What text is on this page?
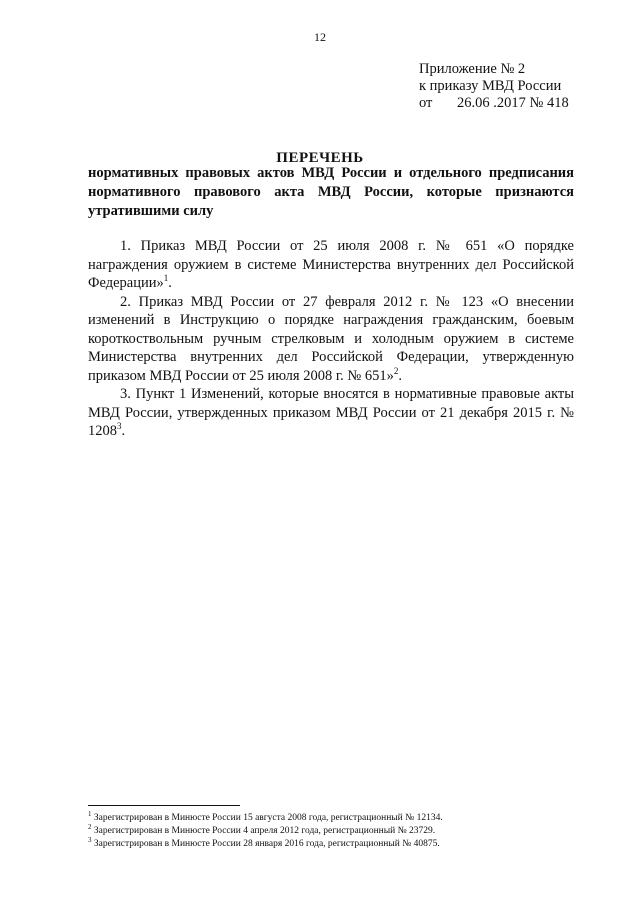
12
Приложение № 2
к приказу МВД России
от 26.06 .2017 № 418
ПЕРЕЧЕНЬ
нормативных правовых актов МВД России и отдельного предписания нормативного правового акта МВД России, которые признаются утратившими силу

1. Приказ МВД России от 25 июля 2008 г. № 651 «О порядке награждения оружием в системе Министерства внутренних дел Российской Федерации»$^1$.

2. Приказ МВД России от 27 февраля 2012 г. № 123 «О внесении изменений в Инструкцию о порядке награждения гражданским, боевым короткоствольным ручным стрелковым и холодным оружием в системе Министерства внутренних дел Российской Федерации, утвержденную приказом МВД России от 25 июля 2008 г. № 651»$^2$.

3. Пункт 1 Изменений, которые вносятся в нормативные правовые акты МВД России, утвержденных приказом МВД России от 21 декабря 2015 г. № 1208$^3$.

$^1$ Зарегистрирован в Минюсте России 15 августа 2008 года, регистрационный № 12134.
$^2$ Зарегистрирован в Минюсте России 4 апреля 2012 года, регистрационный № 23729.
$^3$ Зарегистрирован в Минюсте России 28 января 2016 года, регистрационный № 40875.
